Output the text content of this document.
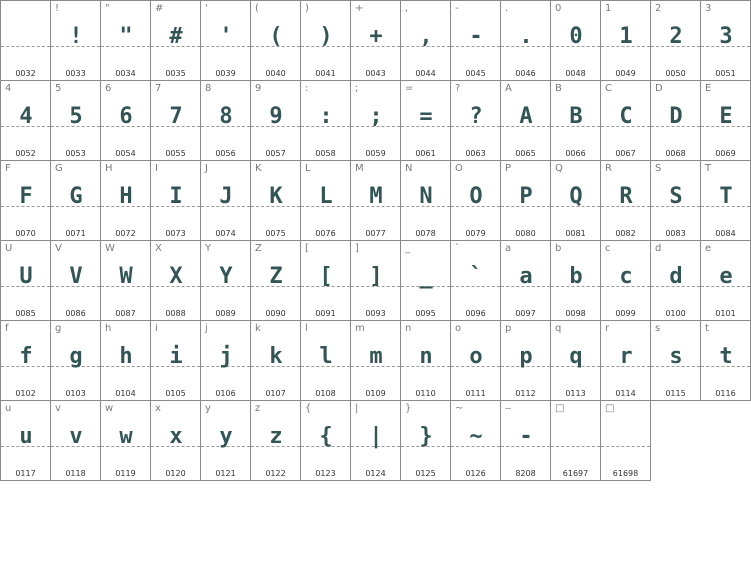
0032
!
!
0033
"
"
0034
#
#
0035
'
'
0039
(
(
0040
)
)
0041
+
+
0043
,
,
0044
-
-
0045
.
.
0046
0
0
0048
1
1
0049
2
2
0050
3
3
0051
4
4
0052
5
5
0053
6
6
0054
7
7
0055
8
8
0056
9
9
0057
:
:
0058
;
;
0059
=
=
0061
?
?
0063
A
A
0065
B
B
0066
C
C
0067
D
D
0068
E
E
0069
F
F
0070
G
G
0071
H
H
0072
I
I
0073
J
J
0074
K
K
0075
L
L
0076
M
M
0077
N
N
0078
O
O
0079
P
P
0080
Q
Q
0081
R
R
0082
S
S
0083
T
T
0084
U
U
0085
V
V
0086
W
W
0087
X
X
0088
Y
Y
0089
Z
Z
0090
[
[
0091
]
]
0093
_
_
0095
`
`
0096
a
a
0097
b
b
0098
c
c
0099
d
d
0100
e
e
0101
f
f
0102
g
g
0103
h
h
0104
i
i
0105
j
j
0106
k
k
0107
l
l
0108
m
m
0109
n
n
0110
o
o
0111
p
p
0112
q
q
0113
r
r
0114
s
s
0115
t
t
0116
u
u
0117
v
v
0118
w
w
0119
x
x
0120
y
y
0121
z
z
0122
{
{
0123
|
|
0124
}
}
0125
~
~
0126
‒
-
8208
□
61697
□
61698
